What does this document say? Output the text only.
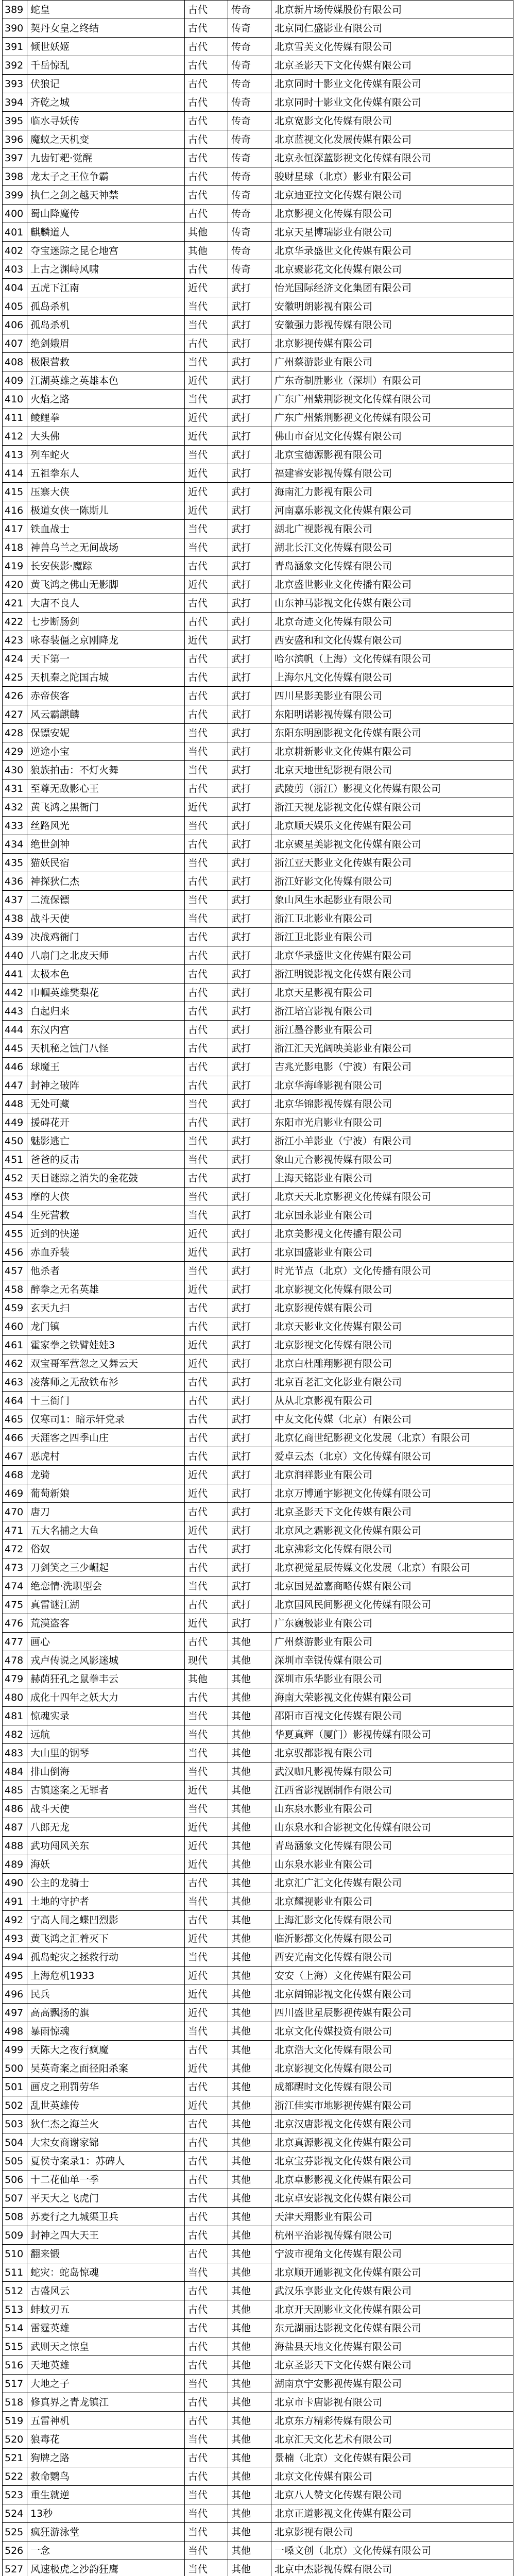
389	蛇皇	古代	传奇	北京新片场传媒股份有限公司
390	契丹女皇之终结	古代	传奇	北京同仁盛影业有限公司
391	倾世妖姬	古代	传奇	北京雪芙文化传媒有限公司
392	千岳惊乱	古代	传奇	北京圣影天下文化传媒有限公司
393	伏狼记	古代	传奇	北京同时十影业文化传媒有限公司
394	齐乾之城	古代	传奇	北京同时十影业文化传媒有限公司
395	临水寻妖传	古代	传奇	北京宽影文化传媒有限公司
396	魔蚁之天机变	古代	传奇	北京蓝视文化发展传媒有限公司
397	九齿钉耙·觉醒	古代	传奇	北京永恒深蓝影视文化传媒有限公司
398	龙太子之王位争霸	古代	传奇	骏财星球（北京）影业有限公司
399	执仁之剑之越天神禁	古代	传奇	北京迪亚拉文化传媒有限公司
400	蜀山降魔传	古代	传奇	北京影视文化传媒有限公司
401	麒麟道人	其他	传奇	北京天星博瑞影业有限公司
402	夺宝迷踪之昆仑地宫	其他	传奇	北京华录盛世文化传媒有限公司
403	上古之渊峙风啸	古代	传奇	北京聚影花文化传媒有限公司
404	五虎下江南	近代	武打	怡光国际经济文化集团有限公司
405	孤岛杀机	当代	武打	安徽明朗影视有限公司
406	孤岛杀机	当代	武打	安徽强力影视传媒有限公司
407	绝剑娥眉	古代	武打	北京影视传媒有限公司
408	极限营救	当代	武打	广州蔡游影业有限公司
409	江湖英雄之英雄本色	近代	武打	广东奇制胜影业（深圳）有限公司
410	火焰之路	当代	武打	广东广州紫荆影视文化传媒有限公司
411	鲮鲤拳	近代	武打	广东广州紫荆影视文化传媒有限公司
412	大头佛	近代	武打	佛山市奋见文化传媒有限公司
413	列车蛇火	当代	武打	北京宝德源影视有限公司
414	五祖拳东人	近代	武打	福建睿安影视传媒有限公司
415	压寨大侠	近代	武打	海南汇力影视有限公司
416	极道女侠一陈斯儿	近代	武打	河南嘉乐影视文化传媒有限公司
417	铁血战士	当代	武打	湖北广视影视有限公司
418	神兽乌兰之无间战场	当代	武打	湖北长江文化传媒有限公司
419	长安侠影·魔踪	古代	武打	青岛涵象文化传媒有限公司
420	黄飞鸿之佛山无影脚	近代	武打	北京盛世影业文化传播有限公司
421	大唐不良人	古代	武打	山东神马影视文化传媒有限公司
422	七步断肠剑	古代	武打	北京奇迹文化传媒有限公司
423	咏春装僵之京刚降龙	近代	武打	西安盛和和文化传媒有限公司
424	天下第一	古代	武打	哈尔滨帆（上海）文化传媒有限公司
425	天机秦之陀国古城	古代	武打	上海尔凡文化传媒有限公司
426	赤帝侠客	古代	武打	四川星影美影业有限公司
427	风云霸麒麟	古代	武打	东阳明诺影视传媒有限公司
428	保镖安妮	当代	武打	东阳东明剧影视文化传媒有限公司
429	逆途小宝	当代	武打	北京耕新影业文化传媒有限公司
430	狼族拍击：不灯火舞	当代	武打	北京天地世纪影视有限公司
431	至尊无敌影心王	古代	武打	武陵剪（浙江）影视文化传媒有限公司
432	黄飞鸿之黑衙门	近代	武打	浙江天视龙影视文化传媒有限公司
433	丝路风光	当代	武打	北京顺天娱乐文化传媒有限公司
434	绝世剑神	古代	武打	北京聚星美影视文化传媒有限公司
435	猫妖民宿	当代	武打	浙江亚天影业文化传媒有限公司
436	神探狄仁杰	古代	武打	浙江好影文化传媒有限公司
437	二流保镖	当代	武打	象山风生水起影业有限公司
438	战斗天使	当代	武打	浙江卫北影业有限公司
439	决战鸡衙门	古代	武打	浙江卫北影业有限公司
440	八扇门之北皮天师	古代	武打	北京华录盛世文化传媒有限公司
441	太极本色	古代	武打	浙江明锐影视文化传媒有限公司
442	巾帼英雄樊梨花	古代	武打	北京天星影视有限公司
443	白起归来	古代	武打	浙江培宫影视有限公司
444	东汉内宫	古代	武打	浙江墨谷影业有限公司
445	天机秘之蚀门八怪	古代	武打	浙江汇天光阔映美影业有限公司
446	球魔王	古代	武打	吉兆光影电影（宁波）有限公司
447	封神之破阵	古代	武打	北京华海峰影视有限公司
448	无处可藏	当代	武打	北京华锦影视传媒有限公司
449	援碍花开	古代	武打	东阳市光启影业有限公司
450	魅影逃亡	当代	武打	浙江小羊影业（宁波）有限公司
451	爸爸的反击	当代	武打	象山元合影视传媒有限公司
452	天目谜踪之消失的金花鼓	古代	武打	上海天铭影业有限公司
453	摩的大侠	当代	武打	北京天天北京影视文化传媒有限公司
454	生死营救	当代	武打	北京国永影业有限公司
455	近到的快递	近代	武打	北京美影视文化传播有限公司
456	赤血乔装	近代	武打	北京国盛影业有限公司
457	他杀者	当代	武打	时光节点（北京）文化传播有限公司
458	醉拳之无名英雄	近代	武打	北京影视文化传媒有限公司
459	玄天九扫	古代	武打	北京影视传媒有限公司
460	龙门镇	古代	武打	北京天影业文化传媒有限公司
461	霍家拳之铁臂娃娃3	近代	武打	北京影视文化传媒有限公司
462	双宝哥军营忽之又舞云天	近代	武打	北京白杜雕翔影视有限公司
463	凌落师之无敌铁布衫	古代	武打	北京百老汇文化影业有限公司
464	十三衙门	古代	武打	从从北京影视有限公司
465	仅寒司1：暗示轩党录	古代	武打	中友文化传媒（北京）有限公司
466	天涯客之四季山庄	古代	武打	北京亿商世纪影视文化发展（北京）有限公司
467	恶虎村	古代	武打	爱卓云杰（北京）文化传媒有限公司
468	龙骑	近代	武打	北京润祥影业有限公司
469	葡萄新娘	近代	武打	北京万博通宇影视文化传媒有限公司
470	唐刀	古代	武打	北京圣影天下文化传媒有限公司
471	五大名捕之大鱼	近代	武打	北京风之霜影视文化传媒有限公司
472	俗奴	古代	武打	北京沸彩文化传媒有限公司
473	刀剑笑之三少崛起	古代	武打	北京视觉星辰传媒文化发展（北京）有限公司
474	绝恋情·洗职型会	当代	武打	北京国晃盈嘉商略传媒有限公司
475	真雷谜江湖	古代	武打	北京国风民间影视文化传媒有限公司
476	荒漠盗客	近代	武打	广东巍极影业有限公司
477	画心	古代	其他	广州蔡游影业有限公司
478	戎卢传说之风影迷城	现代	其他	深圳市幸锐传媒有限公司
479	赫荫狂孔之鼠拳丰云	其他	其他	深圳市乐华影业有限公司
480	成化十四年之妖大力	古代	其他	海南大荣影视文化传媒有限公司
481	惊魂实录	当代	其他	邵阳市百视文化传媒有限公司
482	远航	当代	其他	华夏真辉（厦门）影视传媒有限公司
483	大山里的钢琴	当代	其他	北京驭都影视有限公司
484	排山倒海	当代	其他	武汉咖凡影视传媒有限公司
485	古镇迷案之无罪者	近代	其他	江西省影视剧制作有限公司
486	战斗天使	当代	其他	山东泉水影业有限公司
487	八郎无龙	近代	其他	山东泉水和合影视文化传媒有限公司
488	武功闯风关东	近代	其他	青岛涵象文化传媒有限公司
489	海妖	近代	其他	山东泉水影业有限公司
490	公主的龙骑士	古代	其他	北京汇广汇文化传媒有限公司
491	土地的守护者	当代	其他	北京耀视影业有限公司
492	宁高人间之蝶凹烈影	古代	其他	上海汇影文化传媒有限公司
493	黄飞鸿之汇着灭下	近代	其他	临沂影都文化传媒有限公司
494	孤岛蛇灾之拯救行动	当代	其他	西安光南文化传媒有限公司
495	上海危机1933	近代	其他	安安（上海）文化传媒有限公司
496	民兵	近代	其他	北京阔锦影视文化传媒有限公司
497	高高飘扬的旗	近代	其他	四川盛世星辰影视传媒有限公司
498	暴雨惊魂	当代	其他	北京文化传媒投资有限公司
499	天陈大之夜行疯魔	古代	其他	北京浩大文化传媒有限公司
500	吴英奇案之面径阳杀案	近代	其他	北京影视文化传媒有限公司
501	画皮之刑罚劳华	古代	其他	成都醒时文化传媒有限公司
502	乱世英雄传	近代	其他	浙江佳实市地影视传媒有限公司
503	狄仁杰之海兰火	古代	其他	北京汉唐影视文化传媒有限公司
504	大宋女商谢家锦	古代	其他	北京真源影视文化传媒有限公司
505	夏侯寺案录1：苏碑人	古代	其他	北京宝芬影视文化传媒有限公司
506	十二花仙单一季	古代	其他	北京卓影影视文化传媒有限公司
507	平天大之飞虎门	古代	其他	北京卓安影视文化传媒有限公司
508	苏麦行之九城渠卫兵	古代	其他	天津天翔影业有限公司
509	封神之四大天王	古代	其他	杭州平治影视传媒有限公司
510	翻来锻	古代	其他	宁波市视角文化传媒有限公司
511	蛇灾：蛇岛惊魂	当代	其他	北京顺开通影视文化传媒有限公司
512	古盛风云	古代	其他	武汉乐享影业文化传媒有限公司
513	蚌蚊刃五	古代	其他	北京开天剧影业文化传媒有限公司
514	雷霆英雄	古代	其他	东元湖丽达影视文化传媒有限公司
515	武则天之惊皇	古代	其他	海盐县天地文化传媒有限公司
516	天地英雄	古代	其他	北京圣影天下文化传媒有限公司
517	大地之子	当代	其他	湖南京宁安影视传媒有限公司
518	修真界之青龙镇江	古代	其他	北京市卡唐影视有限公司
519	五雷神机	古代	其他	北京东方精彩传媒有限公司
520	狼毒花	当代	其他	北京汇天文化艺术有限公司
521	狗牌之路	古代	其他	景楠（北京）文化传媒有限公司
522	救命鹦鸟	古代	其他	北京文化传媒有限公司
523	重生就逆	当代	其他	北京八人赞文化传媒有限公司
524	13秒	当代	其他	北京正道影视文化传媒有限公司
525	疯狂游泳堂	当代	其他	北京影视有限公司
526	一念	当代	其他	一嗓文创（北京）文化传媒有限公司
527	风速极虎之沙韵狂鹰	当代	其他	北京中杰影视传媒有限公司
